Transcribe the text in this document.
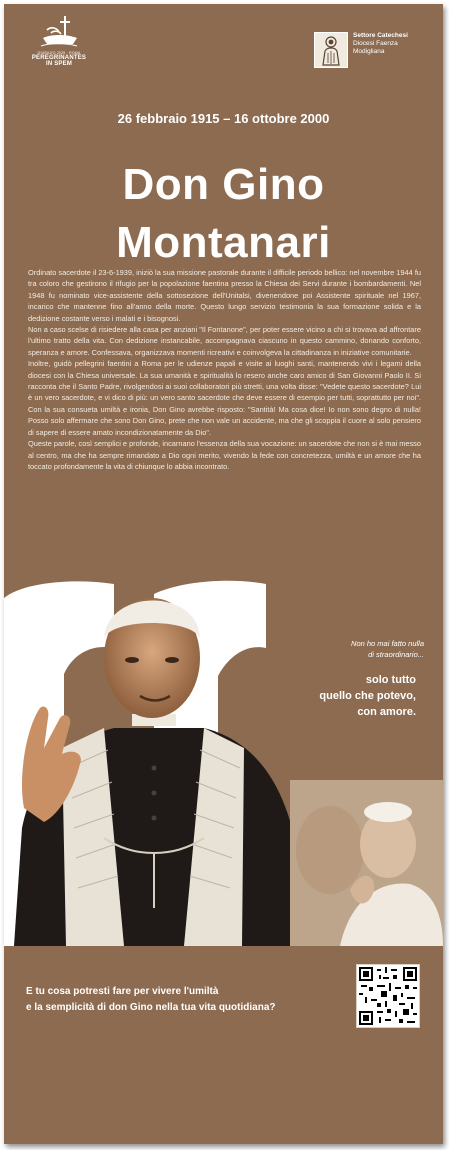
GIUBILEO 2025 · ROMA
PEREGRINANTES
IN SPEM
Settore Catechesi
Diocesi Faenza
Modigliana
26 febbraio 1915 – 16 ottobre 2000
Don Gino
Montanari

Ordinato sacerdote il 23-6-1939, iniziò la sua missione pastorale durante il difficile periodo bellico: nel novembre 1944 fu tra coloro che gestirono il rifugio per la popolazione faentina presso la Chiesa dei Servi durante i bombardamenti. Nel 1948 fu nominato vice-assistente della sottosezione dell'Unitalsi, divenendone poi Assistente spirituale nel 1967, incarico che mantenne fino all'anno della morte. Questo lungo servizio testimonia la sua formazione solida e la dedizione costante verso i malati e i bisognosi.

Non a caso scelse di risiedere alla casa per anziani "Il Fontanone", per poter essere vicino a chi si trovava ad affrontare l'ultimo tratto della vita. Con dedizione instancabile, accompagnava ciascuno in questo cammino, donando conforto, speranza e amore. Confessava, organizzava momenti ricreativi e coinvolgeva la cittadinanza in iniziative comunitarie.

Inoltre, guidò pellegrini faentini a Roma per le udienze papali e visite ai luoghi santi, mantenendo vivi i legami della diocesi con la Chiesa universale. La sua umanità e spiritualità lo resero anche caro amico di San Giovanni Paolo II. Si racconta che il Santo Padre, rivolgendosi ai suoi collaboratori più stretti, una volta disse: "Vedete questo sacerdote? Lui è un vero sacerdote, e vi dico di più: un vero santo sacerdote che deve essere di esempio per tutti, soprattutto per noi". Con la sua consueta umiltà e ironia, Don Gino avrebbe risposto: "Santità! Ma cosa dice! Io non sono degno di nulla! Posso solo affermare che sono Don Gino, prete che non vale un accidente, ma che gli scoppia il cuore al solo pensiero di sapere di essere amato incondizionatamente da Dio".

Queste parole, così semplici e profonde, incarnano l'essenza della sua vocazione: un sacerdote che non si è mai messo al centro, ma che ha sempre rimandato a Dio ogni merito, vivendo la fede con concretezza, umiltà e un amore che ha toccato profondamente la vita di chiunque lo abbia incontrato.

Non ho mai fatto nulla
di straordinario...
solo tutto
quello che potevo,
con amore.
E tu cosa potresti fare per vivere l'umiltà
e la semplicità di don Gino nella tua vita quotidiana?
